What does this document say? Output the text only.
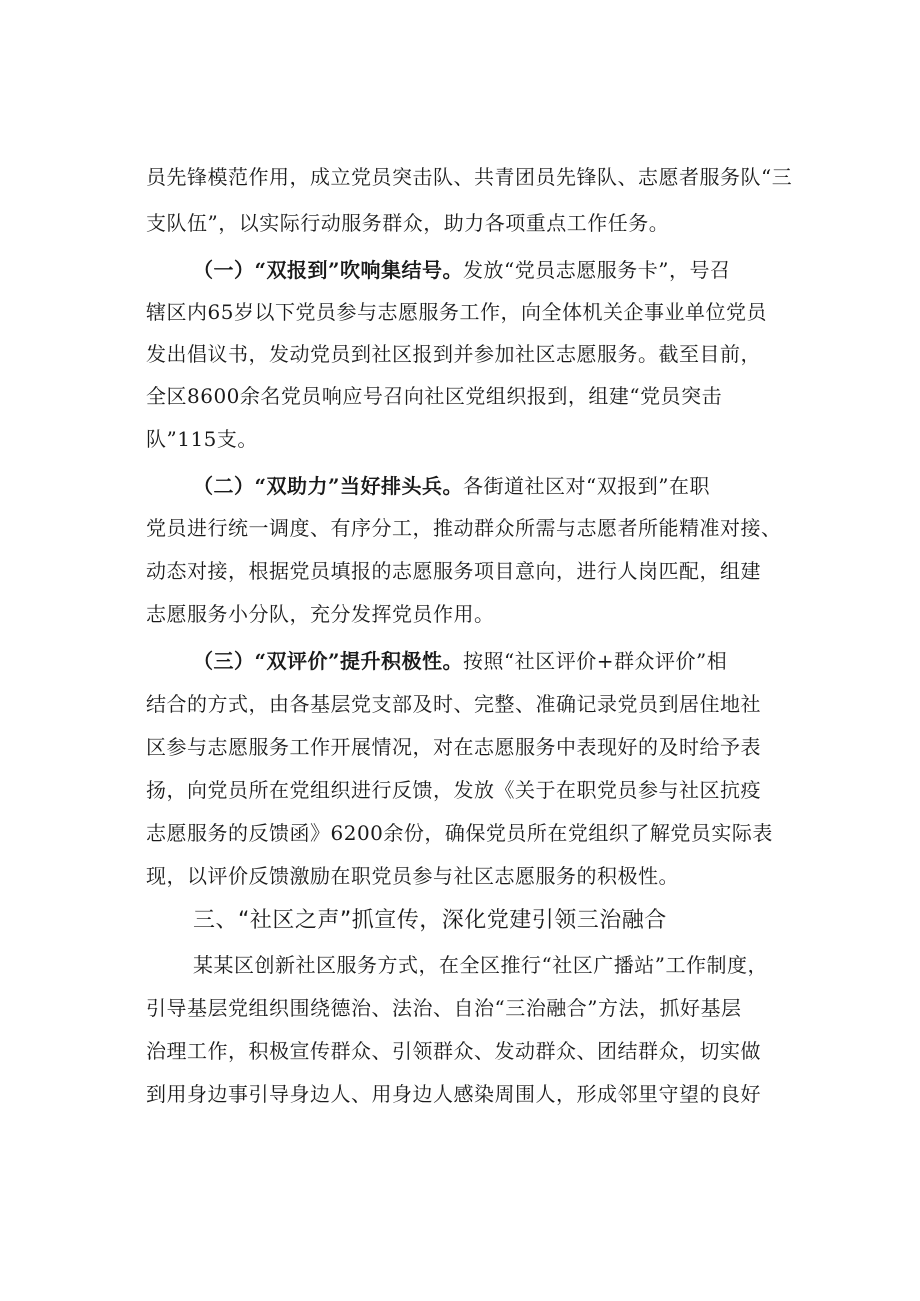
员先锋模范作用，成立党员突击队、共青团员先锋队、志愿者服务队“三
支队伍”，以实际行动服务群众，助力各项重点工作任务。
（一）“双报到”吹响集结号。发放“党员志愿服务卡”，号召
辖区内65岁以下党员参与志愿服务工作，向全体机关企事业单位党员
发出倡议书，发动党员到社区报到并参加社区志愿服务。截至目前，
全区8600余名党员响应号召向社区党组织报到，组建“党员突击
队”115支。
（二）“双助力”当好排头兵。各街道社区对“双报到”在职
党员进行统一调度、有序分工，推动群众所需与志愿者所能精准对接、
动态对接，根据党员填报的志愿服务项目意向，进行人岗匹配，组建
志愿服务小分队，充分发挥党员作用。
（三）“双评价”提升积极性。按照“社区评价+群众评价”相
结合的方式，由各基层党支部及时、完整、准确记录党员到居住地社
区参与志愿服务工作开展情况，对在志愿服务中表现好的及时给予表
扬，向党员所在党组织进行反馈，发放《关于在职党员参与社区抗疫
志愿服务的反馈函》6200余份，确保党员所在党组织了解党员实际表
现，以评价反馈激励在职党员参与社区志愿服务的积极性。
三、“社区之声”抓宣传，深化党建引领三治融合
某某区创新社区服务方式，在全区推行“社区广播站”工作制度，
引导基层党组织围绕德治、法治、自治“三治融合”方法，抓好基层
治理工作，积极宣传群众、引领群众、发动群众、团结群众，切实做
到用身边事引导身边人、用身边人感染周围人，形成邻里守望的良好
